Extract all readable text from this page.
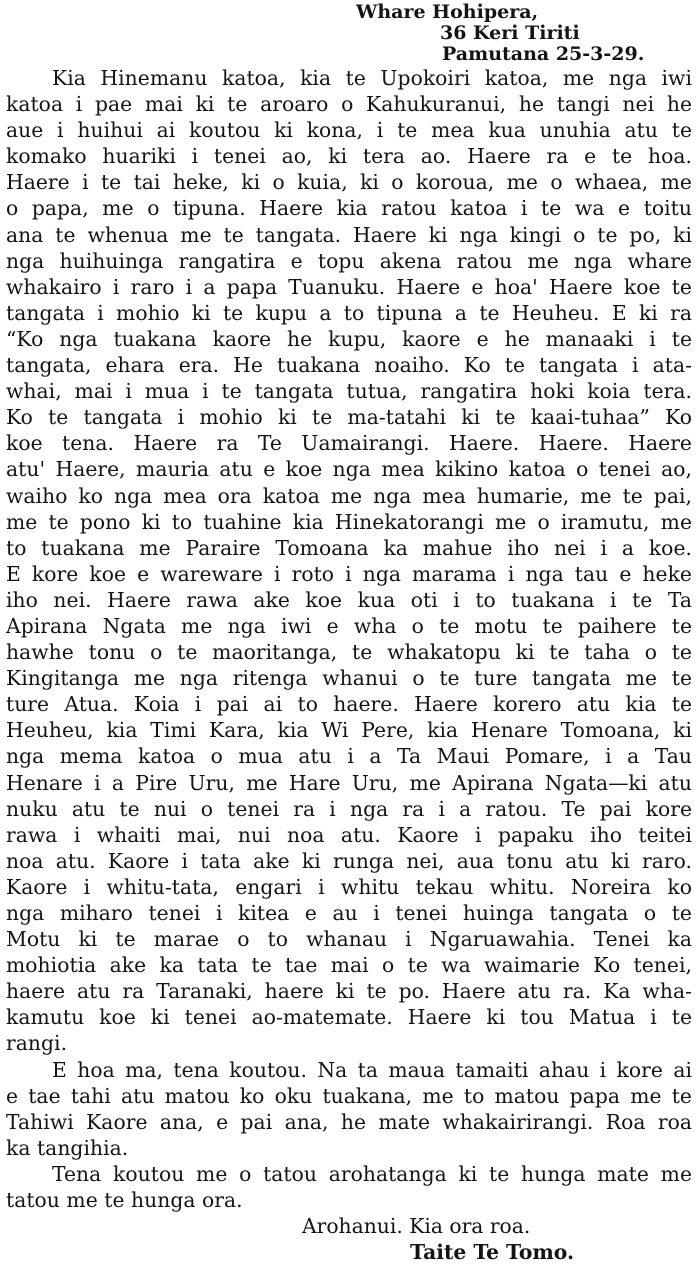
Whare Hohipera,
36 Keri Tiriti
Pamutana 25-3-29.
Kia Hinemanu katoa, kia te Upokoiri katoa, me nga iwi
katoa i pae mai ki te aroaro o Kahukuranui, he tangi nei he
aue i huihui ai koutou ki kona, i te mea kua unuhia atu te
komako huariki i tenei ao, ki tera ao. Haere ra e te hoa.
Haere i te tai heke, ki o kuia, ki o koroua, me o whaea, me
o papa, me o tipuna. Haere kia ratou katoa i te wa e toitu
ana te whenua me te tangata. Haere ki nga kingi o te po, ki
nga huihuinga rangatira e topu akena ratou me nga whare
whakairo i raro i a papa Tuanuku. Haere e hoa' Haere koe te
tangata i mohio ki te kupu a to tipuna a te Heuheu. E ki ra
“Ko nga tuakana kaore he kupu, kaore e he manaaki i te
tangata, ehara era. He tuakana noaiho. Ko te tangata i ata-
whai, mai i mua i te tangata tutua, rangatira hoki koia tera.
Ko te tangata i mohio ki te ma-tatahi ki te kaai-tuhaa” Ko
koe tena. Haere ra Te Uamairangi. Haere. Haere. Haere
atu' Haere, mauria atu e koe nga mea kikino katoa o tenei ao,
waiho ko nga mea ora katoa me nga mea humarie, me te pai,
me te pono ki to tuahine kia Hinekatorangi me o iramutu, me
to tuakana me Paraire Tomoana ka mahue iho nei i a koe.
E kore koe e wareware i roto i nga marama i nga tau e heke
iho nei. Haere rawa ake koe kua oti i to tuakana i te Ta
Apirana Ngata me nga iwi e wha o te motu te paihere te
hawhe tonu o te maoritanga, te whakatopu ki te taha o te
Kingitanga me nga ritenga whanui o te ture tangata me te
ture Atua. Koia i pai ai to haere. Haere korero atu kia te
Heuheu, kia Timi Kara, kia Wi Pere, kia Henare Tomoana, ki
nga mema katoa o mua atu i a Ta Maui Pomare, i a Tau
Henare i a Pire Uru, me Hare Uru, me Apirana Ngata—ki atu
nuku atu te nui o tenei ra i nga ra i a ratou. Te pai kore
rawa i whaiti mai, nui noa atu. Kaore i papaku iho teitei
noa atu. Kaore i tata ake ki runga nei, aua tonu atu ki raro.
Kaore i whitu-tata, engari i whitu tekau whitu. Noreira ko
nga miharo tenei i kitea e au i tenei huinga tangata o te
Motu ki te marae o to whanau i Ngaruawahia. Tenei ka
mohiotia ake ka tata te tae mai o te wa waimarie Ko tenei,
haere atu ra Taranaki, haere ki te po. Haere atu ra. Ka wha-
kamutu koe ki tenei ao-matemate. Haere ki tou Matua i te
rangi.
E hoa ma, tena koutou. Na ta maua tamaiti ahau i kore ai
e tae tahi atu matou ko oku tuakana, me to matou papa me te
Tahiwi Kaore ana, e pai ana, he mate whakairirangi. Roa roa
ka tangihia.
Tena koutou me o tatou arohatanga ki te hunga mate me
tatou me te hunga ora.
Arohanui. Kia ora roa.
Taite Te Tomo.
